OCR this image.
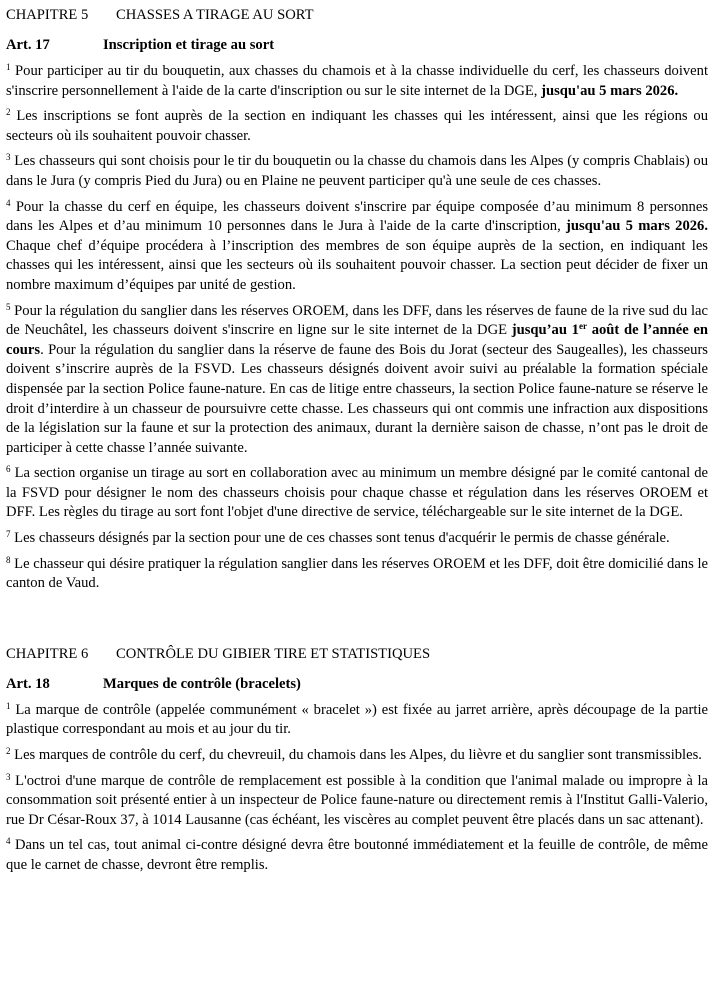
CHAPITRE 5 CHASSES A TIRAGE AU SORT
Art. 17	Inscription et tirage au sort

$^1$ Pour participer au tir du bouquetin, aux chasses du chamois et à la chasse individuelle du cerf, les chasseurs doivent s'inscrire personnellement à l'aide de la carte d'inscription ou sur le site internet de la DGE, jusqu'au 5 mars 2026.

$^2$ Les inscriptions se font auprès de la section en indiquant les chasses qui les intéressent, ainsi que les régions ou secteurs où ils souhaitent pouvoir chasser.

$^3$ Les chasseurs qui sont choisis pour le tir du bouquetin ou la chasse du chamois dans les Alpes (y compris Chablais) ou dans le Jura (y compris Pied du Jura) ou en Plaine ne peuvent participer qu'à une seule de ces chasses.

$^4$ Pour la chasse du cerf en équipe, les chasseurs doivent s'inscrire par équipe composée d’au minimum 8 personnes dans les Alpes et d’au minimum 10 personnes dans le Jura à l'aide de la carte d'inscription, jusqu'au 5 mars 2026. Chaque chef d’équipe procédera à l’inscription des membres de son équipe auprès de la section, en indiquant les chasses qui les intéressent, ainsi que les secteurs où ils souhaitent pouvoir chasser. La section peut décider de fixer un nombre maximum d’équipes par unité de gestion.

$^5$ Pour la régulation du sanglier dans les réserves OROEM, dans les DFF, dans les réserves de faune de la rive sud du lac de Neuchâtel, les chasseurs doivent s'inscrire en ligne sur le site internet de la DGE jusqu’au 1er août de l’année en cours. Pour la régulation du sanglier dans la réserve de faune des Bois du Jorat (secteur des Saugealles), les chasseurs doivent s’inscrire auprès de la FSVD. Les chasseurs désignés doivent avoir suivi au préalable la formation spéciale dispensée par la section Police faune-nature. En cas de litige entre chasseurs, la section Police faune-nature se réserve le droit d’interdire à un chasseur de poursuivre cette chasse. Les chasseurs qui ont commis une infraction aux dispositions de la législation sur la faune et sur la protection des animaux, durant la dernière saison de chasse, n’ont pas le droit de participer à cette chasse l’année suivante.

$^6$ La section organise un tirage au sort en collaboration avec au minimum un membre désigné par le comité cantonal de la FSVD pour désigner le nom des chasseurs choisis pour chaque chasse et régulation dans les réserves OROEM et DFF. Les règles du tirage au sort font l'objet d'une directive de service, téléchargeable sur le site internet de la DGE.

$^7$ Les chasseurs désignés par la section pour une de ces chasses sont tenus d'acquérir le permis de chasse générale.

$^8$ Le chasseur qui désire pratiquer la régulation sanglier dans les réserves OROEM et les DFF, doit être domicilié dans le canton de Vaud.

CHAPITRE 6 CONTRÔLE DU GIBIER TIRE ET STATISTIQUES
Art. 18	Marques de contrôle (bracelets)

$^1$ La marque de contrôle (appelée communément « bracelet ») est fixée au jarret arrière, après découpage de la partie plastique correspondant au mois et au jour du tir.

$^2$ Les marques de contrôle du cerf, du chevreuil, du chamois dans les Alpes, du lièvre et du sanglier sont transmissibles.

$^3$ L'octroi d'une marque de contrôle de remplacement est possible à la condition que l'animal malade ou impropre à la consommation soit présenté entier à un inspecteur de Police faune-nature ou directement remis à l'Institut Galli-Valerio, rue Dr César-Roux 37, à 1014 Lausanne (cas échéant, les viscères au complet peuvent être placés dans un sac attenant).

$^4$ Dans un tel cas, tout animal ci-contre désigné devra être boutonné immédiatement et la feuille de contrôle, de même que le carnet de chasse, devront être remplis.
